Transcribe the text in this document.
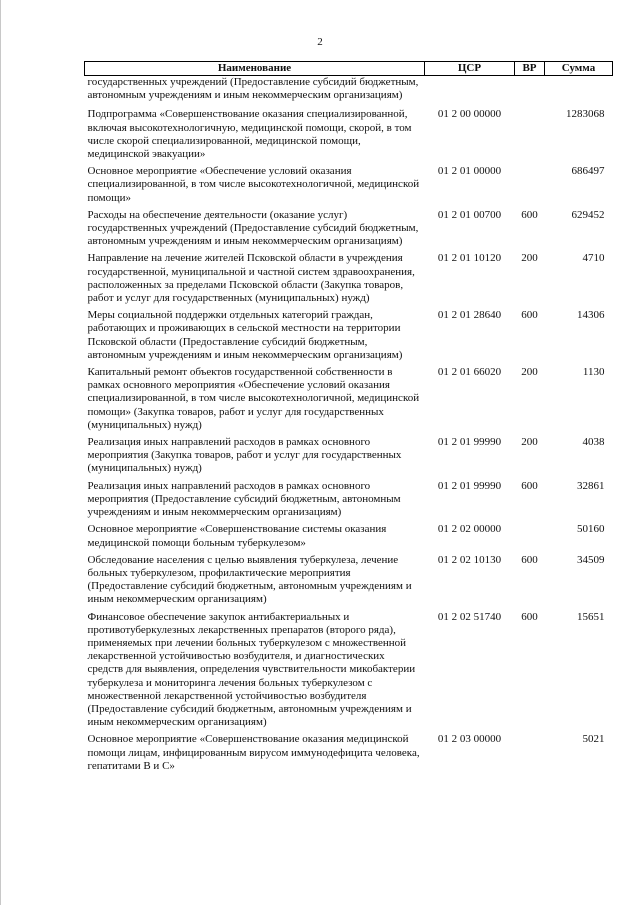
2
Наименование	ЦСР	ВР	Сумма
государственных учреждений (Предоставление субсидий бюджетным, автономным учреждениям и иным некоммерческим организациям)			
Подпрограмма «Совершенствование оказания специализированной, включая высокотехнологичную, медицинской помощи, скорой, в том числе скорой специализированной, медицинской помощи, медицинской эвакуации»	01 2 00 00000		1283068
Основное мероприятие «Обеспечение условий оказания специализированной, в том числе высокотехнологичной, медицинской помощи»	01 2 01 00000		686497
Расходы на обеспечение деятельности (оказание услуг) государственных учреждений (Предоставление субсидий бюджетным, автономным учреждениям и иным некоммерческим организациям)	01 2 01 00700	600	629452
Направление на лечение жителей Псковской области в учреждения государственной, муниципальной и частной систем здравоохранения, расположенных за пределами Псковской области (Закупка товаров, работ и услуг для государственных (муниципальных) нужд)	01 2 01 10120	200	4710
Меры социальной поддержки отдельных категорий граждан, работающих и проживающих в сельской местности на территории Псковской области (Предоставление субсидий бюджетным, автономным учреждениям и иным некоммерческим организациям)	01 2 01 28640	600	14306
Капитальный ремонт объектов государственной собственности в рамках основного мероприятия «Обеспечение условий оказания специализированной, в том числе высокотехнологичной, медицинской помощи» (Закупка товаров, работ и услуг для государственных (муниципальных) нужд)	01 2 01 66020	200	1130
Реализация иных направлений расходов в рамках основного мероприятия (Закупка товаров, работ и услуг для государственных (муниципальных) нужд)	01 2 01 99990	200	4038
Реализация иных направлений расходов в рамках основного мероприятия (Предоставление субсидий бюджетным, автономным учреждениям и иным некоммерческим организациям)	01 2 01 99990	600	32861
Основное мероприятие «Совершенствование системы оказания медицинской помощи больным туберкулезом»	01 2 02 00000		50160
Обследование населения с целью выявления туберкулеза, лечение больных туберкулезом, профилактические мероприятия (Предоставление субсидий бюджетным, автономным учреждениям и иным некоммерческим организациям)	01 2 02 10130	600	34509
Финансовое обеспечение закупок антибактериальных и противотуберкулезных лекарственных препаратов (второго ряда), применяемых при лечении больных туберкулезом с множественной лекарственной устойчивостью возбудителя, и диагностических средств для выявления, определения чувствительности микобактерии туберкулеза и мониторинга лечения больных туберкулезом с множественной лекарственной устойчивостью возбудителя (Предоставление субсидий бюджетным, автономным учреждениям и иным некоммерческим организациям)	01 2 02 51740	600	15651
Основное мероприятие «Совершенствование оказания медицинской помощи лицам, инфицированным вирусом иммунодефицита человека, гепатитами В и С»	01 2 03 00000		5021
